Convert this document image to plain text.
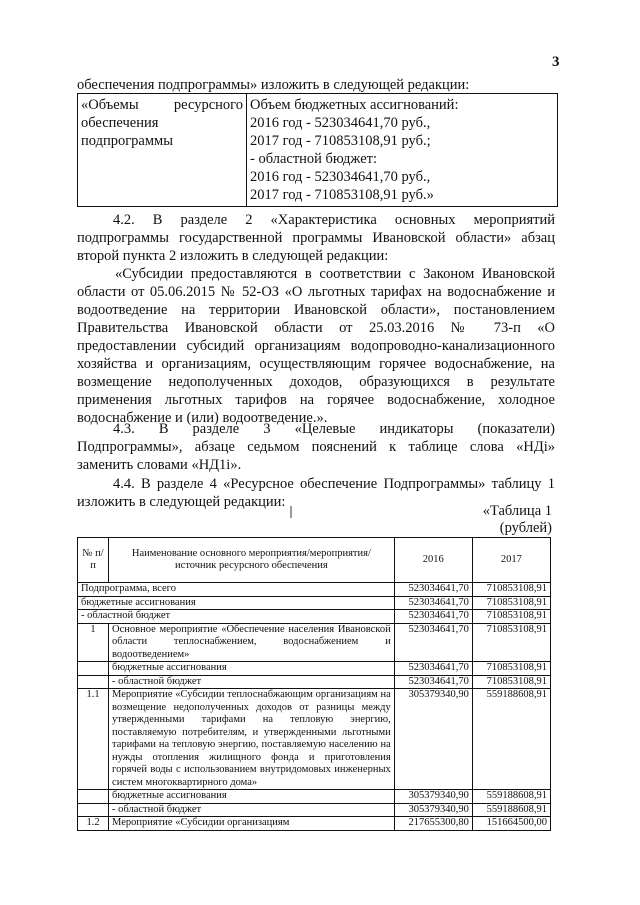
3

обеспечения подпрограммы» изложить в следующей редакции:

«Объемы ресурсного
обеспечения
подпрограммы

Объем бюджетных ассигнований:
2016 год - 523034641,70 руб.,
2017 год - 710853108,91 руб.;
- областной бюджет:
2016 год - 523034641,70 руб.,
2017 год - 710853108,91 руб.»
4.2. В разделе 2 «Характеристика основных мероприятий
подпрограммы государственной программы Ивановской области» абзац
второй пункта 2 изложить в следующей редакции:
«Субсидии предоставляются в соответствии с Законом Ивановской
области от 05.06.2015 № 52-ОЗ «О льготных тарифах на водоснабжение и
водоотведение на территории Ивановской области», постановлением
Правительства Ивановской области от 25.03.2016 № 73-п «О
предоставлении субсидий организациям водопроводно-канализационного
хозяйства и организациям, осуществляющим горячее водоснабжение, на
возмещение недополученных доходов, образующихся в результате
применения льготных тарифов на горячее водоснабжение, холодное
водоснабжение и (или) водоотведение.».
4.3. В разделе 3 «Целевые индикаторы (показатели)
Подпрограммы», абзаце седьмом пояснений к таблице слова «НДi»
заменить словами «НД1i».
4.4. В разделе 4 «Ресурсное обеспечение Подпрограммы» таблицу 1
изложить в следующей редакции:
«Таблица 1
(рублей)
№ п/п	Наименование основного мероприятия/мероприятия/источник ресурсного обеспечения	2016	2017
Подпрограмма, всего		523034641,70	710853108,91
бюджетные ассигнования		523034641,70	710853108,91
- областной бюджет		523034641,70	710853108,91
1	Основное мероприятие «Обеспечение населения Ивановской области теплоснабжением, водоснабжением и водоотведением»	523034641,70	710853108,91
	бюджетные ассигнования	523034641,70	710853108,91
	- областной бюджет	523034641,70	710853108,91
1.1	Мероприятие «Субсидии теплоснабжающим организациям на возмещение недополученных доходов от разницы между утвержденными тарифами на тепловую энергию, поставляемую потребителям, и утвержденными льготными тарифами на тепловую энергию, поставляемую населению на нужды отопления жилищного фонда и приготовления горячей воды с использованием внутридомовых инженерных систем многоквартирного дома»	305379340,90	559188608,91
	бюджетные ассигнования	305379340,90	559188608,91
	- областной бюджет	305379340,90	559188608,91
1.2	Мероприятие «Субсидии организациям	217655300,80	151664500,00
